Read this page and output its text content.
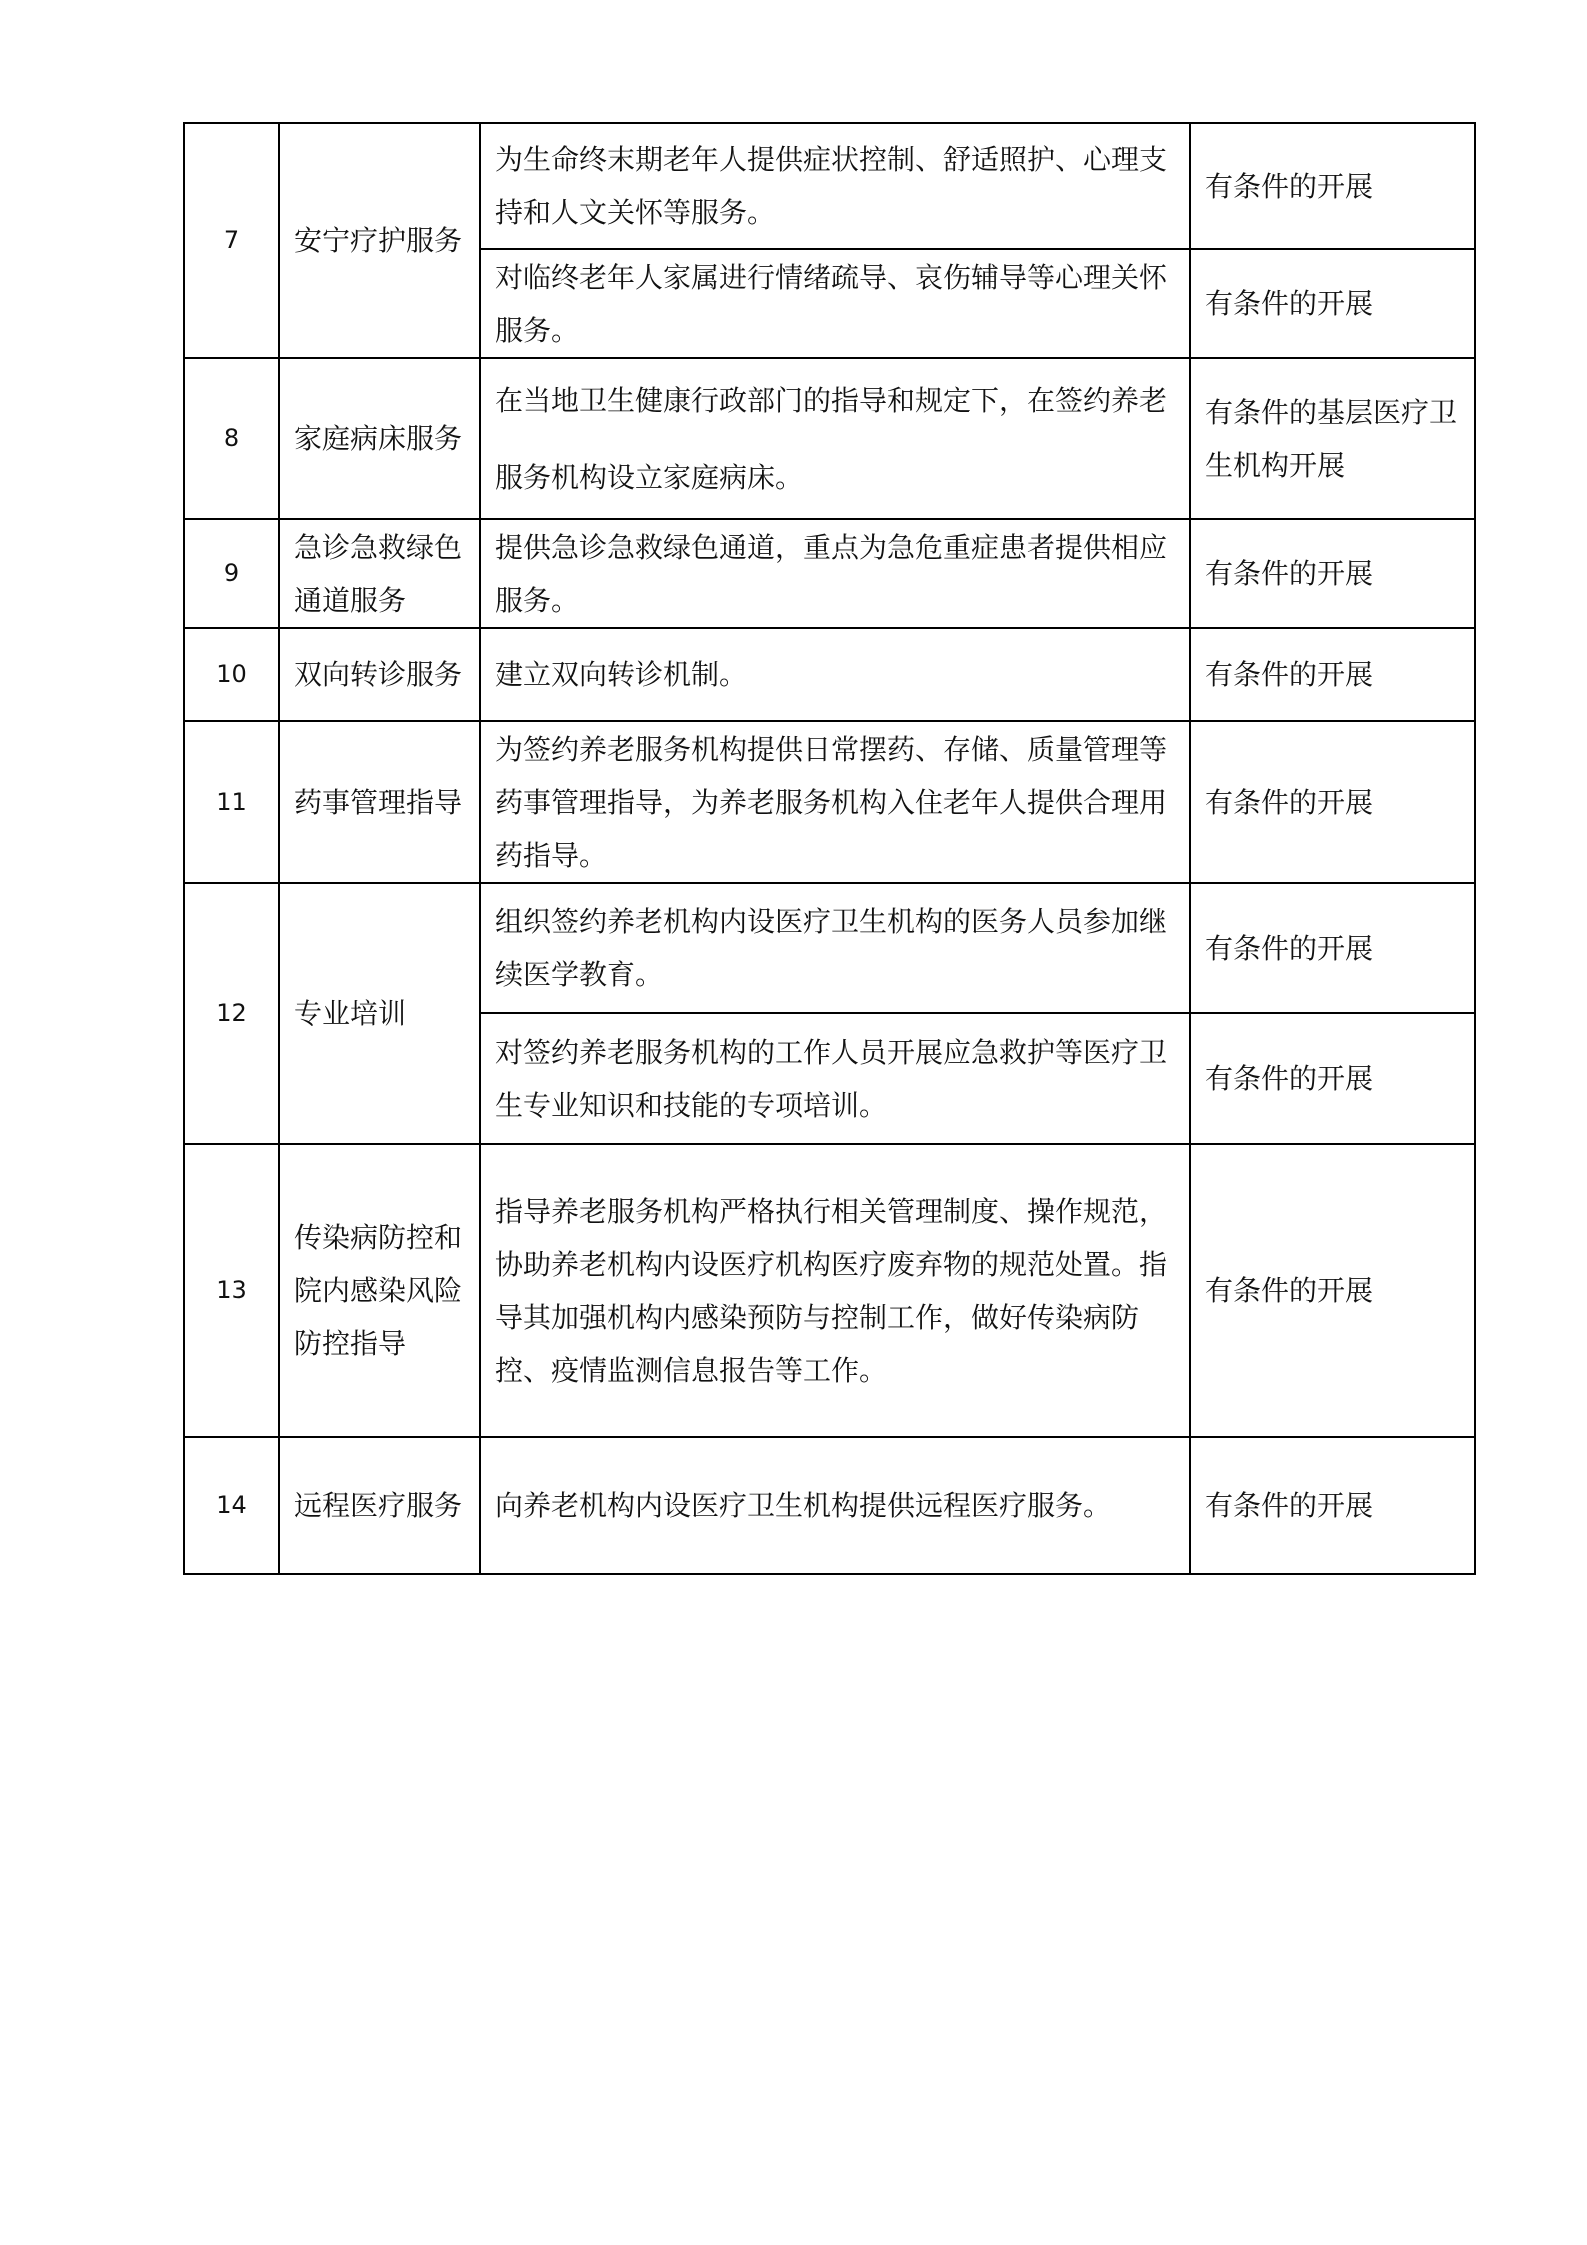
7	安宁疗护服务	为生命终末期老年人提供症状控制、舒适照护、心理支持和人文关怀等服务。	有条件的开展
		对临终老年人家属进行情绪疏导、哀伤辅导等心理关怀服务。	有条件的开展
8	家庭病床服务	在当地卫生健康行政部门的指导和规定下，在签约养老服务机构设立家庭病床。	有条件的基层医疗卫生机构开展
9	急诊急救绿色通道服务	提供急诊急救绿色通道，重点为急危重症患者提供相应服务。	有条件的开展
10	双向转诊服务	建立双向转诊机制。	有条件的开展
11	药事管理指导	为签约养老服务机构提供日常摆药、存储、质量管理等药事管理指导，为养老服务机构入住老年人提供合理用药指导。	有条件的开展
12	专业培训	组织签约养老机构内设医疗卫生机构的医务人员参加继续医学教育。	有条件的开展
		对签约养老服务机构的工作人员开展应急救护等医疗卫生专业知识和技能的专项培训。	有条件的开展
13	传染病防控和院内感染风险防控指导	指导养老服务机构严格执行相关管理制度、操作规范，协助养老机构内设医疗机构医疗废弃物的规范处置。指导其加强机构内感染预防与控制工作，做好传染病防控、疫情监测信息报告等工作。	有条件的开展
14	远程医疗服务	向养老机构内设医疗卫生机构提供远程医疗服务。	有条件的开展
